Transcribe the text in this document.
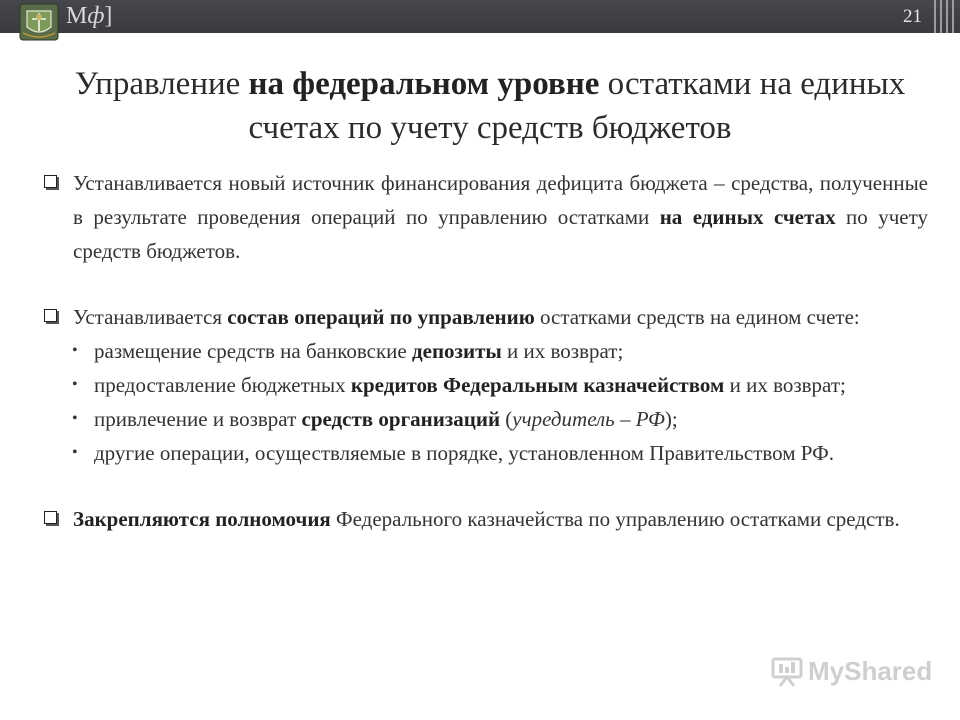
Мф]	21
Управление на федеральном уровне остатками на единых счетах по учету средств бюджетов
Устанавливается новый источник финансирования дефицита бюджета – средства, полученные в результате проведения операций по управлению остатками на единых счетах по учету средств бюджетов.
Устанавливается состав операций по управлению остатками средств на едином счете:
• размещение средств на банковские депозиты и их возврат;
• предоставление бюджетных кредитов Федеральным казначейством и их возврат;
• привлечение и возврат средств организаций (учредитель – РФ);
• другие операции, осуществляемые в порядке, установленном Правительством РФ.
Закрепляются полномочия Федерального казначейства по управлению остатками средств.
MyShared
